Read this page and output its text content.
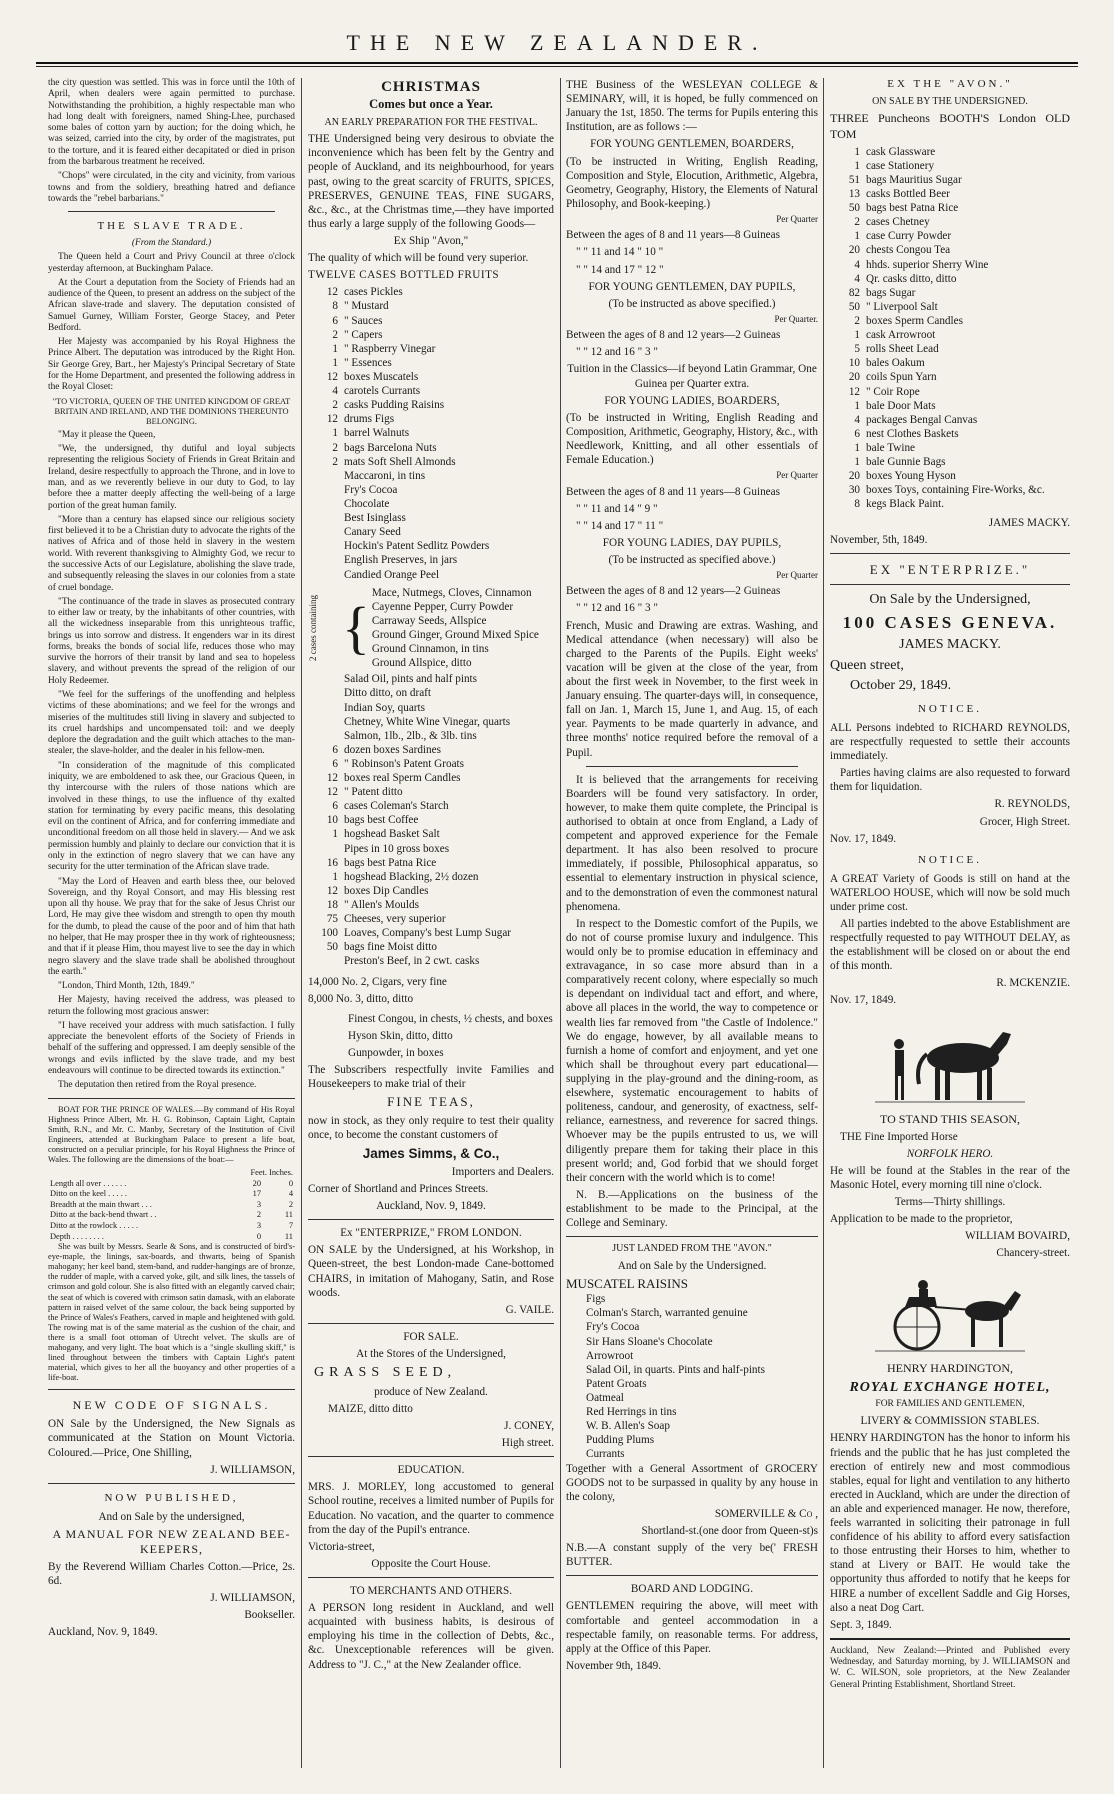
THE NEW ZEALANDER.

the city question was settled. This was in force until the 10th of April, when dealers were again permitted to purchase. Notwithstanding the prohibition, a highly respectable man who had long dealt with foreigners, named Shing-Lhee, purchased some bales of cotton yarn by auction; for the doing which, he was seized, carried into the city, by order of the magistrates, put to the torture, and it is feared either decapitated or died in prison from the barbarous treatment he received.

"Chops" were circulated, in the city and vicinity, from various towns and from the soldiery, breathing hatred and defiance towards the "rebel barbarians."

THE SLAVE TRADE.

(From the Standard.)

The Queen held a Court and Privy Council at three o'clock yesterday afternoon, at Buckingham Palace.

At the Court a deputation from the Society of Friends had an audience of the Queen, to present an address on the subject of the African slave-trade and slavery. The deputation consisted of Samuel Gurney, William Forster, George Stacey, and Peter Bedford.

Her Majesty was accompanied by his Royal Highness the Prince Albert. The deputation was introduced by the Right Hon. Sir George Grey, Bart., her Majesty's Principal Secretary of State for the Home Department, and presented the following address in the Royal Closet:

"TO VICTORIA, QUEEN OF THE UNITED KINGDOM OF GREAT BRITAIN AND IRELAND, AND THE DOMINIONS THEREUNTO BELONGING.

"May it please the Queen,

"We, the undersigned, thy dutiful and loyal subjects representing the religious Society of Friends in Great Britain and Ireland, desire respectfully to approach the Throne, and in love to man, and as we reverently believe in our duty to God, to lay before thee a matter deeply affecting the well-being of a large portion of the great human family.

"More than a century has elapsed since our religious society first believed it to be a Christian duty to advocate the rights of the natives of Africa and of those held in slavery in the western world. With reverent thanksgiving to Almighty God, we recur to the successive Acts of our Legislature, abolishing the slave trade, and subsequently releasing the slaves in our colonies from a state of cruel bondage.

"The continuance of the trade in slaves as prosecuted contrary to either law or treaty, by the inhabitants of other countries, with all the wickedness inseparable from this unrighteous traffic, brings us into sorrow and distress. It engenders war in its direst forms, breaks the bonds of social life, reduces those who may survive the horrors of their transit by land and sea to hopeless slavery, and without prevents the spread of the religion of our Holy Redeemer.

"We feel for the sufferings of the unoffending and helpless victims of these abominations; and we feel for the wrongs and miseries of the multitudes still living in slavery and subjected to its cruel hardships and uncompensated toil: and we deeply deplore the degradation and the guilt which attaches to the man-stealer, the slave-holder, and the dealer in his fellow-men.

"In consideration of the magnitude of this complicated iniquity, we are emboldened to ask thee, our Gracious Queen, in thy intercourse with the rulers of those nations which are involved in these things, to use the influence of thy exalted station for terminating by every pacific means, this desolating evil on the continent of Africa, and for conferring immediate and unconditional freedom on all those held in slavery.— And we ask permission humbly and plainly to declare our conviction that it is only in the extinction of negro slavery that we can have any security for the utter termination of the African slave trade.

"May the Lord of Heaven and earth bless thee, our beloved Sovereign, and thy Royal Consort, and may His blessing rest upon all thy house. We pray that for the sake of Jesus Christ our Lord, He may give thee wisdom and strength to open thy mouth for the dumb, to plead the cause of the poor and of him that hath no helper, that He may prosper thee in thy work of righteousness; and that if it please Him, thou mayest live to see the day in which negro slavery and the slave trade shall be abolished throughout the earth."

"London, Third Month, 12th, 1849."

Her Majesty, having received the address, was pleased to return the following most gracious answer:

"I have received your address with much satisfaction. I fully appreciate the benevolent efforts of the Society of Friends in behalf of the suffering and oppressed. I am deeply sensible of the wrongs and evils inflicted by the slave trade, and my best endeavours will continue to be directed towards its extinction."

The deputation then retired from the Royal presence.

BOAT FOR THE PRINCE OF WALES.—By command of His Royal Highness Prince Albert, Mr. H. G. Robinson, Captain Light, Captain Smith, R.N., and Mr. C. Manby, Secretary of the Institution of Civil Engineers, attended at Buckingham Palace to present a life boat, constructed on a peculiar principle, for his Royal Highness the Prince of Wales. The following are the dimensions of the boat:—

	Feet. Inches.	
Length all over . . . . . .	20	0
Ditto on the keel . . . . .	17	4
Breadth at the main thwart . . .	3	2
Ditto at the back-bend thwart . .	2	11
Ditto at the rowlock . . . . .	3	7
Depth . . . . . . . .	0	11

She was built by Messrs. Searle & Sons, and is constructed of bird's-eye-maple, the linings, sax-boards, and thwarts, being of Spanish mahogany; her keel band, stem-band, and rudder-hangings are of bronze, the rudder of maple, with a carved yoke, gilt, and silk lines, the tassels of crimson and gold colour. She is also fitted with an elegantly carved chair; the seat of which is covered with crimson satin damask, with an elaborate pattern in raised velvet of the same colour, the back being supported by the Prince of Wales's Feathers, carved in maple and heightened with gold. The rowing mat is of the same material as the cushion of the chair, and there is a small foot ottoman of Utrecht velvet. The skulls are of mahogany, and very light. The boat which is a "single skulling skiff," is lined throughout between the timbers with Captain Light's patent material, which gives to her all the buoyancy and other properties of a life-boat.

NEW CODE OF SIGNALS.

ON Sale by the Undersigned, the New Signals as communicated at the Station on Mount Victoria. Coloured.—Price, One Shilling,

J. WILLIAMSON,

NOW PUBLISHED,

And on Sale by the undersigned,

A MANUAL FOR NEW ZEALAND BEE-KEEPERS,

By the Reverend William Charles Cotton.—Price, 2s. 6d.

J. WILLIAMSON,

Bookseller.

Auckland, Nov. 9, 1849.

CHRISTMAS
Comes but once a Year.

AN EARLY PREPARATION FOR THE FESTIVAL.

THE Undersigned being very desirous to obviate the inconvenience which has been felt by the Gentry and people of Auckland, and its neighbourhood, for years past, owing to the great scarcity of FRUITS, SPICES, PRESERVES, GENUINE TEAS, FINE SUGARS, &c., &c., at the Christmas time,—they have imported thus early a large supply of the following Goods—

Ex Ship "Avon,"

The quality of which will be found very superior.

TWELVE CASES BOTTLED FRUITS

12 cases Pickles
8 " Mustard
6 " Sauces
2 " Capers
1 " Raspberry Vinegar
1 " Essences
12 boxes Muscatels
4 carotels Currants
2 casks Pudding Raisins
12 drums Figs
1 barrel Walnuts
2 bags Barcelona Nuts
2 mats Soft Shell Almonds
Maccaroni, in tins
Fry's Cocoa
Chocolate
Best Isinglass
Canary Seed
Hockin's Patent Sedlitz Powders
English Preserves, in jars
Candied Orange Peel
2 cases containing {
Mace, Nutmegs, Cloves, Cinnamon
Cayenne Pepper, Curry Powder
Carraway Seeds, Allspice
Ground Ginger, Ground Mixed Spice
Ground Cinnamon, in tins
Ground Allspice, ditto
Salad Oil, pints and half pints
Ditto ditto, on draft
Indian Soy, quarts
Chetney, White Wine Vinegar, quarts
Salmon, 1lb., 2lb., & 3lb. tins
6 dozen boxes Sardines
6 " Robinson's Patent Groats
12 boxes real Sperm Candles
12 " Patent ditto
6 cases Coleman's Starch
10 bags best Coffee
1 hogshead Basket Salt
Pipes in 10 gross boxes
16 bags best Patna Rice
1 hogshead Blacking, 2½ dozen
12 boxes Dip Candles
18 " Allen's Moulds
75 Cheeses, very superior
100 Loaves, Company's best Lump Sugar
50 bags fine Moist ditto
Preston's Beef, in 2 cwt. casks

14,000 No. 2, Cigars, very fine

8,000 No. 3, ditto, ditto

Finest Congou, in chests, ½ chests, and boxes

Hyson Skin, ditto, ditto

Gunpowder, in boxes

The Subscribers respectfully invite Families and Housekeepers to make trial of their

FINE TEAS,

now in stock, as they only require to test their quality once, to become the constant customers of

James Simms, & Co.,

Importers and Dealers.

Corner of Shortland and Princes Streets.

Auckland, Nov. 9, 1849.

Ex "ENTERPRIZE," FROM LONDON.

ON SALE by the Undersigned, at his Workshop, in Queen-street, the best London-made Cane-bottomed CHAIRS, in imitation of Mahogany, Satin, and Rose woods.

G. VAILE.

FOR SALE.

At the Stores of the Undersigned,

GRASS SEED,

produce of New Zealand.

MAIZE, ditto ditto

J. CONEY,

High street.

EDUCATION.

MRS. J. MORLEY, long accustomed to general School routine, receives a limited number of Pupils for Education. No vacation, and the quarter to commence from the day of the Pupil's entrance.

Victoria-street,

Opposite the Court House.

TO MERCHANTS AND OTHERS.

A PERSON long resident in Auckland, and well acquainted with business habits, is desirous of employing his time in the collection of Debts, &c., &c. Unexceptionable references will be given. Address to "J. C.," at the New Zealander office.

THE Business of the WESLEYAN COLLEGE & SEMINARY, will, it is hoped, be fully commenced on January the 1st, 1850. The terms for Pupils entering this Institution, are as follows :—

FOR YOUNG GENTLEMEN, BOARDERS,

(To be instructed in Writing, English Reading, Composition and Style, Elocution, Arithmetic, Algebra, Geometry, Geography, History, the Elements of Natural Philosophy, and Book-keeping.)

Per Quarter

Between the ages of 8 and 11 years—8 Guineas

" " 11 and 14 " 10 "

" " 14 and 17 " 12 "

FOR YOUNG GENTLEMEN, DAY PUPILS,

(To be instructed as above specified.)

Per Quarter.

Between the ages of 8 and 12 years—2 Guineas

" " 12 and 16 " 3 "

Tuition in the Classics—if beyond Latin Grammar, One Guinea per Quarter extra.

FOR YOUNG LADIES, BOARDERS,

(To be instructed in Writing, English Reading and Composition, Arithmetic, Geography, History, &c., with Needlework, Knitting, and all other essentials of Female Education.)

Per Quarter

Between the ages of 8 and 11 years—8 Guineas

" " 11 and 14 " 9 "

" " 14 and 17 " 11 "

FOR YOUNG LADIES, DAY PUPILS,

(To be instructed as specified above.)

Per Quarter

Between the ages of 8 and 12 years—2 Guineas

" " 12 and 16 " 3 "

French, Music and Drawing are extras. Washing, and Medical attendance (when necessary) will also be charged to the Parents of the Pupils. Eight weeks' vacation will be given at the close of the year, from about the first week in November, to the first week in January ensuing. The quarter-days will, in consequence, fall on Jan. 1, March 15, June 1, and Aug. 15, of each year. Payments to be made quarterly in advance, and three months' notice required before the removal of a Pupil.

It is believed that the arrangements for receiving Boarders will be found very satisfactory. In order, however, to make them quite complete, the Principal is authorised to obtain at once from England, a Lady of competent and approved experience for the Female department. It has also been resolved to procure immediately, if possible, Philosophical apparatus, so essential to elementary instruction in physical science, and to the demonstration of even the commonest natural phenomena.

In respect to the Domestic comfort of the Pupils, we do not of course promise luxury and indulgence. This would only be to promise education in effeminacy and extravagance, in so case more absurd than in a comparatively recent colony, where especially so much is dependant on individual tact and effort, and where, above all places in the world, the way to competence or wealth lies far removed from "the Castle of Indolence." We do engage, however, by all available means to furnish a home of comfort and enjoyment, and yet one which shall be throughout every part educational—supplying in the play-ground and the dining-room, as elsewhere, systematic encouragement to habits of politeness, candour, and generosity, of exactness, self-reliance, earnestness, and reverence for sacred things. Whoever may be the pupils entrusted to us, we will diligently prepare them for taking their place in this present world; and, God forbid that we should forget their concern with the world which is to come!

N. B.—Applications on the business of the establishment to be made to the Principal, at the College and Seminary.

JUST LANDED FROM THE "AVON."

And on Sale by the Undersigned.

MUSCATEL RAISINS
Figs
Colman's Starch, warranted genuine
Fry's Cocoa
Sir Hans Sloane's Chocolate
Arrowroot
Salad Oil, in quarts. Pints and half-pints
Patent Groats
Oatmeal
Red Herrings in tins
W. B. Allen's Soap
Pudding Plums
Currants

Together with a General Assortment of GROCERY GOODS not to be surpassed in quality by any house in the colony,

SOMERVILLE & Co ,

Shortland-st.(one door from Queen-st)s

N.B.—A constant supply of the very be(' FRESH BUTTER.

BOARD AND LODGING.

GENTLEMEN requiring the above, will meet with comfortable and genteel accommodation in a respectable family, on reasonable terms. For address, apply at the Office of this Paper.

November 9th, 1849.

EX THE "AVON."

ON SALE BY THE UNDERSIGNED.

THREE Puncheons BOOTH'S London OLD TOM

1 cask Glassware
1 case Stationery
51 bags Mauritius Sugar
13 casks Bottled Beer
50 bags best Patna Rice
2 cases Chetney
1 case Curry Powder
20 chests Congou Tea
4 hhds. superior Sherry Wine
4 Qr. casks ditto, ditto
82 bags Sugar
50 " Liverpool Salt
2 boxes Sperm Candles
1 cask Arrowroot
5 rolls Sheet Lead
10 bales Oakum
20 coils Spun Yarn
12 " Coir Rope
1 bale Door Mats
4 packages Bengal Canvas
6 nest Clothes Baskets
1 bale Twine
1 bale Gunnie Bags
20 boxes Young Hyson
30 boxes Toys, containing Fire-Works, &c.
8 kegs Black Paint.

JAMES MACKY.

November, 5th, 1849.

EX "ENTERPRIZE."

On Sale by the Undersigned,

100 CASES GENEVA.

JAMES MACKY.

Queen street,

October 29, 1849.

NOTICE.

ALL Persons indebted to RICHARD REYNOLDS, are respectfully requested to settle their accounts immediately.

Parties having claims are also requested to forward them for liquidation.

R. REYNOLDS,

Grocer, High Street.

Nov. 17, 1849.

NOTICE.

A GREAT Variety of Goods is still on hand at the WATERLOO HOUSE, which will now be sold much under prime cost.

All parties indebted to the above Establishment are respectfully requested to pay WITHOUT DELAY, as the establishment will be closed on or about the end of this month.

R. MCKENZIE.

Nov. 17, 1849.

TO STAND THIS SEASON,

THE Fine Imported Horse

NORFOLK HERO.

He will be found at the Stables in the rear of the Masonic Hotel, every morning till nine o'clock.

Terms—Thirty shillings.

Application to be made to the proprietor,

WILLIAM BOVAIRD,

Chancery-street.

HENRY HARDINGTON,

ROYAL EXCHANGE HOTEL,

FOR FAMILIES AND GENTLEMEN,

LIVERY & COMMISSION STABLES.

HENRY HARDINGTON has the honor to inform his friends and the public that he has just completed the erection of entirely new and most commodious stables, equal for light and ventilation to any hitherto erected in Auckland, which are under the direction of an able and experienced manager. He now, therefore, feels warranted in soliciting their patronage in full confidence of his ability to afford every satisfaction to those entrusting their Horses to him, whether to stand at Livery or BAIT. He would take the opportunity thus afforded to notify that he keeps for HIRE a number of excellent Saddle and Gig Horses, also a neat Dog Cart.

Sept. 3, 1849.

Auckland, New Zealand:—Printed and Published every Wednesday, and Saturday morning, by J. WILLIAMSON and W. C. WILSON, sole proprietors, at the New Zealander General Printing Establishment, Shortland Street.
